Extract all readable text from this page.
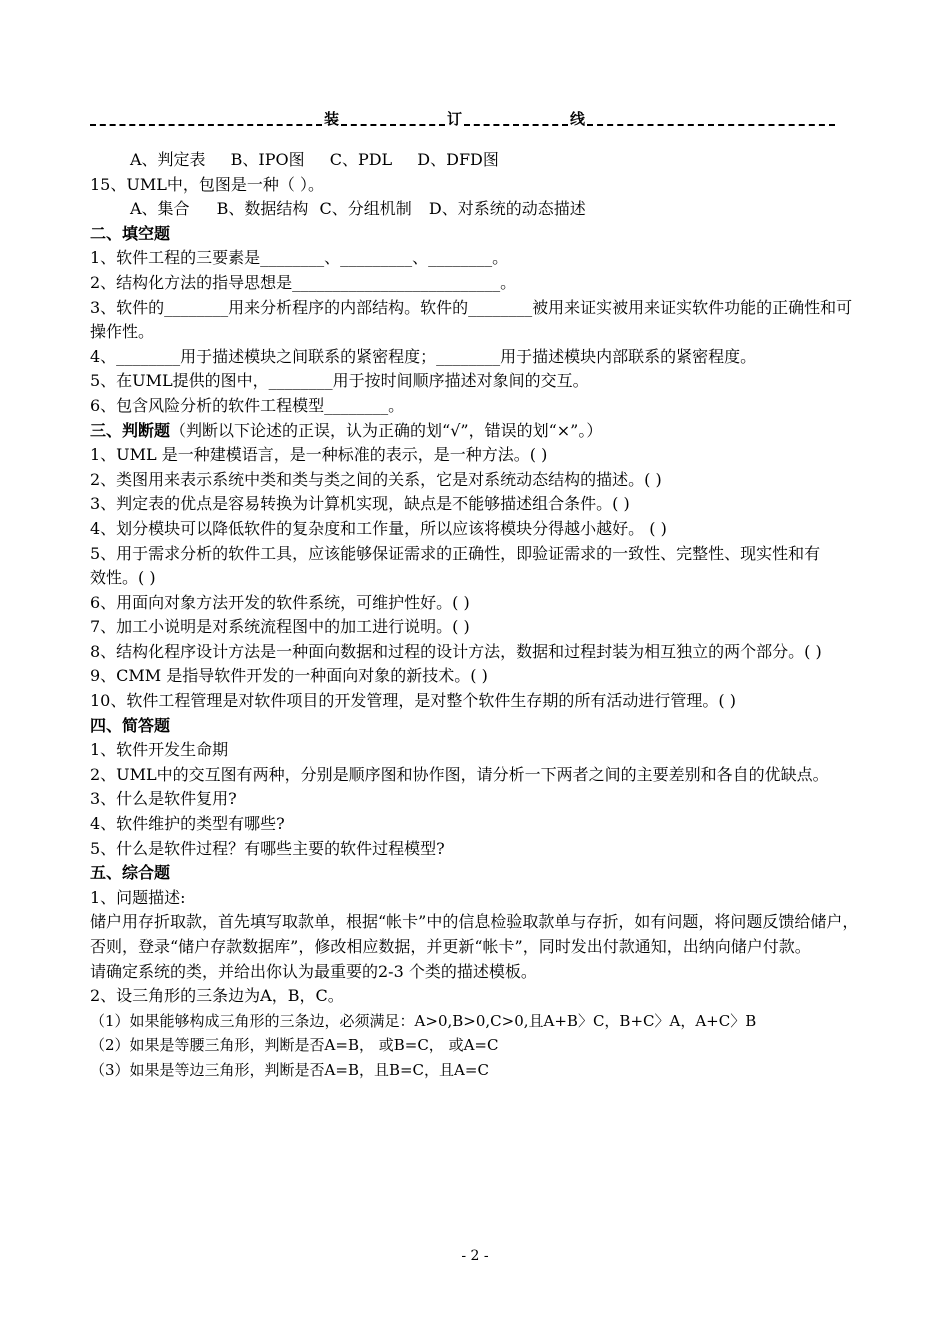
装	订	线
A、判定表 B、IPO图 C、PDL D、DFD图
15、UML中，包图是一种（ ）。
A、集合 B、数据结构 C、分组机制 D、对系统的动态描述
二、填空题
1、软件工程的三要素是________、_________、________。
2、结构化方法的指导思想是__________________________。
3、软件的________用来分析程序的内部结构。软件的________被用来证实被用来证实软件功能的正确性和可操作性。
4、________用于描述模块之间联系的紧密程度；________用于描述模块内部联系的紧密程度。
5、在UML提供的图中，________用于按时间顺序描述对象间的交互。
6、包含风险分析的软件工程模型________。
三、判断题（判断以下论述的正误，认为正确的划“√”，错误的划“×”。）
1、UML 是一种建模语言，是一种标准的表示，是一种方法。( )
2、类图用来表示系统中类和类与类之间的关系，它是对系统动态结构的描述。( )
3、判定表的优点是容易转换为计算机实现，缺点是不能够描述组合条件。( )
4、划分模块可以降低软件的复杂度和工作量，所以应该将模块分得越小越好。 ( )
5、用于需求分析的软件工具，应该能够保证需求的正确性，即验证需求的一致性、完整性、现实性和有效性。( )
6、用面向对象方法开发的软件系统，可维护性好。( )
7、加工小说明是对系统流程图中的加工进行说明。( )
8、结构化程序设计方法是一种面向数据和过程的设计方法，数据和过程封装为相互独立的两个部分。( )
9、CMM 是指导软件开发的一种面向对象的新技术。( )
10、软件工程管理是对软件项目的开发管理，是对整个软件生存期的所有活动进行管理。( )
四、简答题
1、软件开发生命期
2、UML中的交互图有两种，分别是顺序图和协作图，请分析一下两者之间的主要差别和各自的优缺点。
3、什么是软件复用?
4、软件维护的类型有哪些?
5、什么是软件过程？有哪些主要的软件过程模型?
五、综合题
1、问题描述:
储户用存折取款，首先填写取款单，根据“帐卡”中的信息检验取款单与存折，如有问题，将问题反馈给储户，否则，登录“储户存款数据库”，修改相应数据，并更新“帐卡”，同时发出付款通知，出纳向储户付款。
请确定系统的类，并给出你认为最重要的2-3 个类的描述模板。
2、设三角形的三条边为A，B，C。
（1）如果能够构成三角形的三条边，必须满足：A>0,B>0,C>0,且A+B〉C，B+C〉A，A+C〉B
（2）如果是等腰三角形，判断是否A=B， 或B=C， 或A=C
（3）如果是等边三角形，判断是否A=B，且B=C，且A=C
- 2 -
